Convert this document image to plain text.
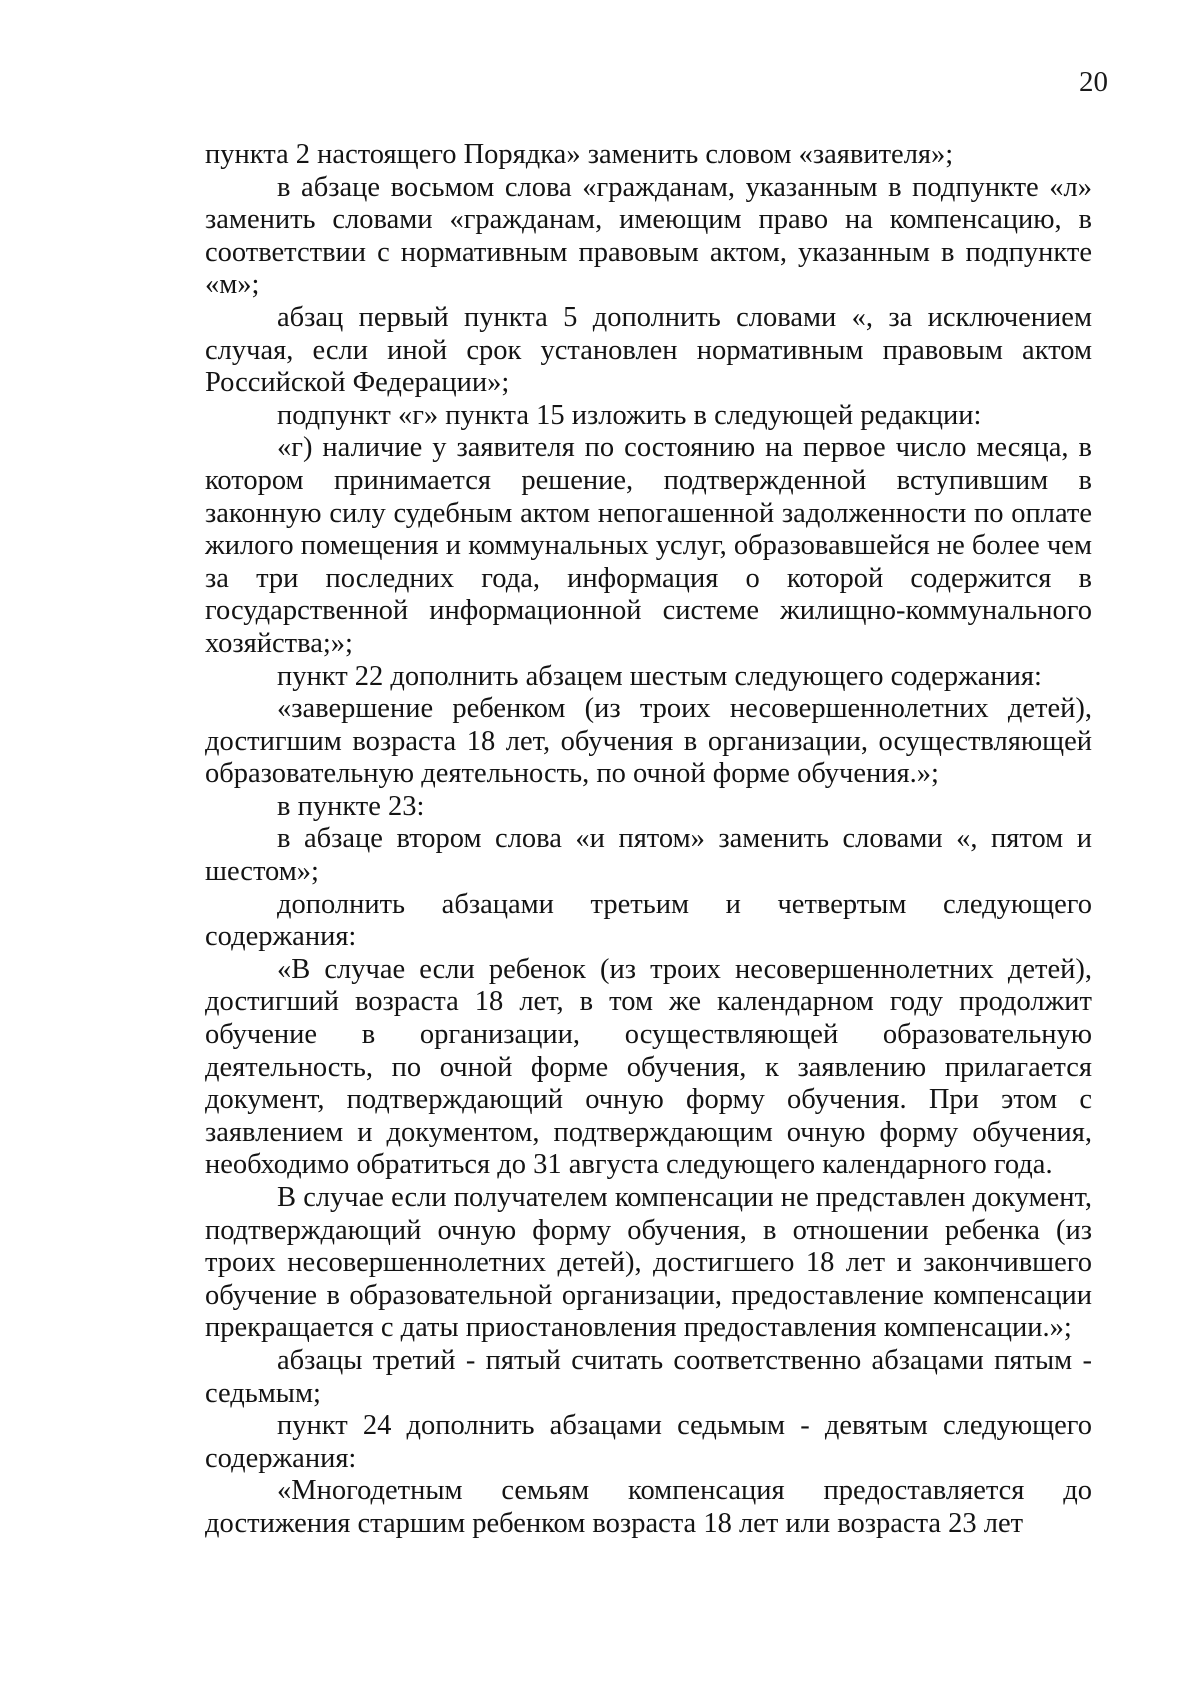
20

пункта 2 настоящего Порядка» заменить словом «заявителя»;

в абзаце восьмом слова «гражданам, указанным в подпункте «л» заменить словами «гражданам, имеющим право на компенсацию, в соответствии с нормативным правовым актом, указанным в подпункте «м»;

абзац первый пункта 5 дополнить словами «, за исключением случая, если иной срок установлен нормативным правовым актом Российской Федерации»;

подпункт «г» пункта 15 изложить в следующей редакции:

«г) наличие у заявителя по состоянию на первое число месяца, в котором принимается решение, подтвержденной вступившим в законную силу судебным актом непогашенной задолженности по оплате жилого помещения и коммунальных услуг, образовавшейся не более чем за три последних года, информация о которой содержится в государственной информационной системе жилищно-коммунального хозяйства;»;

пункт 22 дополнить абзацем шестым следующего содержания:

«завершение ребенком (из троих несовершеннолетних детей), достигшим возраста 18 лет, обучения в организации, осуществляющей образовательную деятельность, по очной форме обучения.»;

в пункте 23:

в абзаце втором слова «и пятом» заменить словами «, пятом и шестом»;

дополнить абзацами третьим и четвертым следующего содержания:

«В случае если ребенок (из троих несовершеннолетних детей), достигший возраста 18 лет, в том же календарном году продолжит обучение в организации, осуществляющей образовательную деятельность, по очной форме обучения, к заявлению прилагается документ, подтверждающий очную форму обучения. При этом с заявлением и документом, подтверждающим очную форму обучения, необходимо обратиться до 31 августа следующего календарного года.

В случае если получателем компенсации не представлен документ, подтверждающий очную форму обучения, в отношении ребенка (из троих несовершеннолетних детей), достигшего 18 лет и закончившего обучение в образовательной организации, предоставление компенсации прекращается с даты приостановления предоставления компенсации.»;

абзацы третий - пятый считать соответственно абзацами пятым - седьмым;

пункт 24 дополнить абзацами седьмым - девятым следующего содержания:

«Многодетным семьям компенсация предоставляется до достижения старшим ребенком возраста 18 лет или возраста 23 лет
